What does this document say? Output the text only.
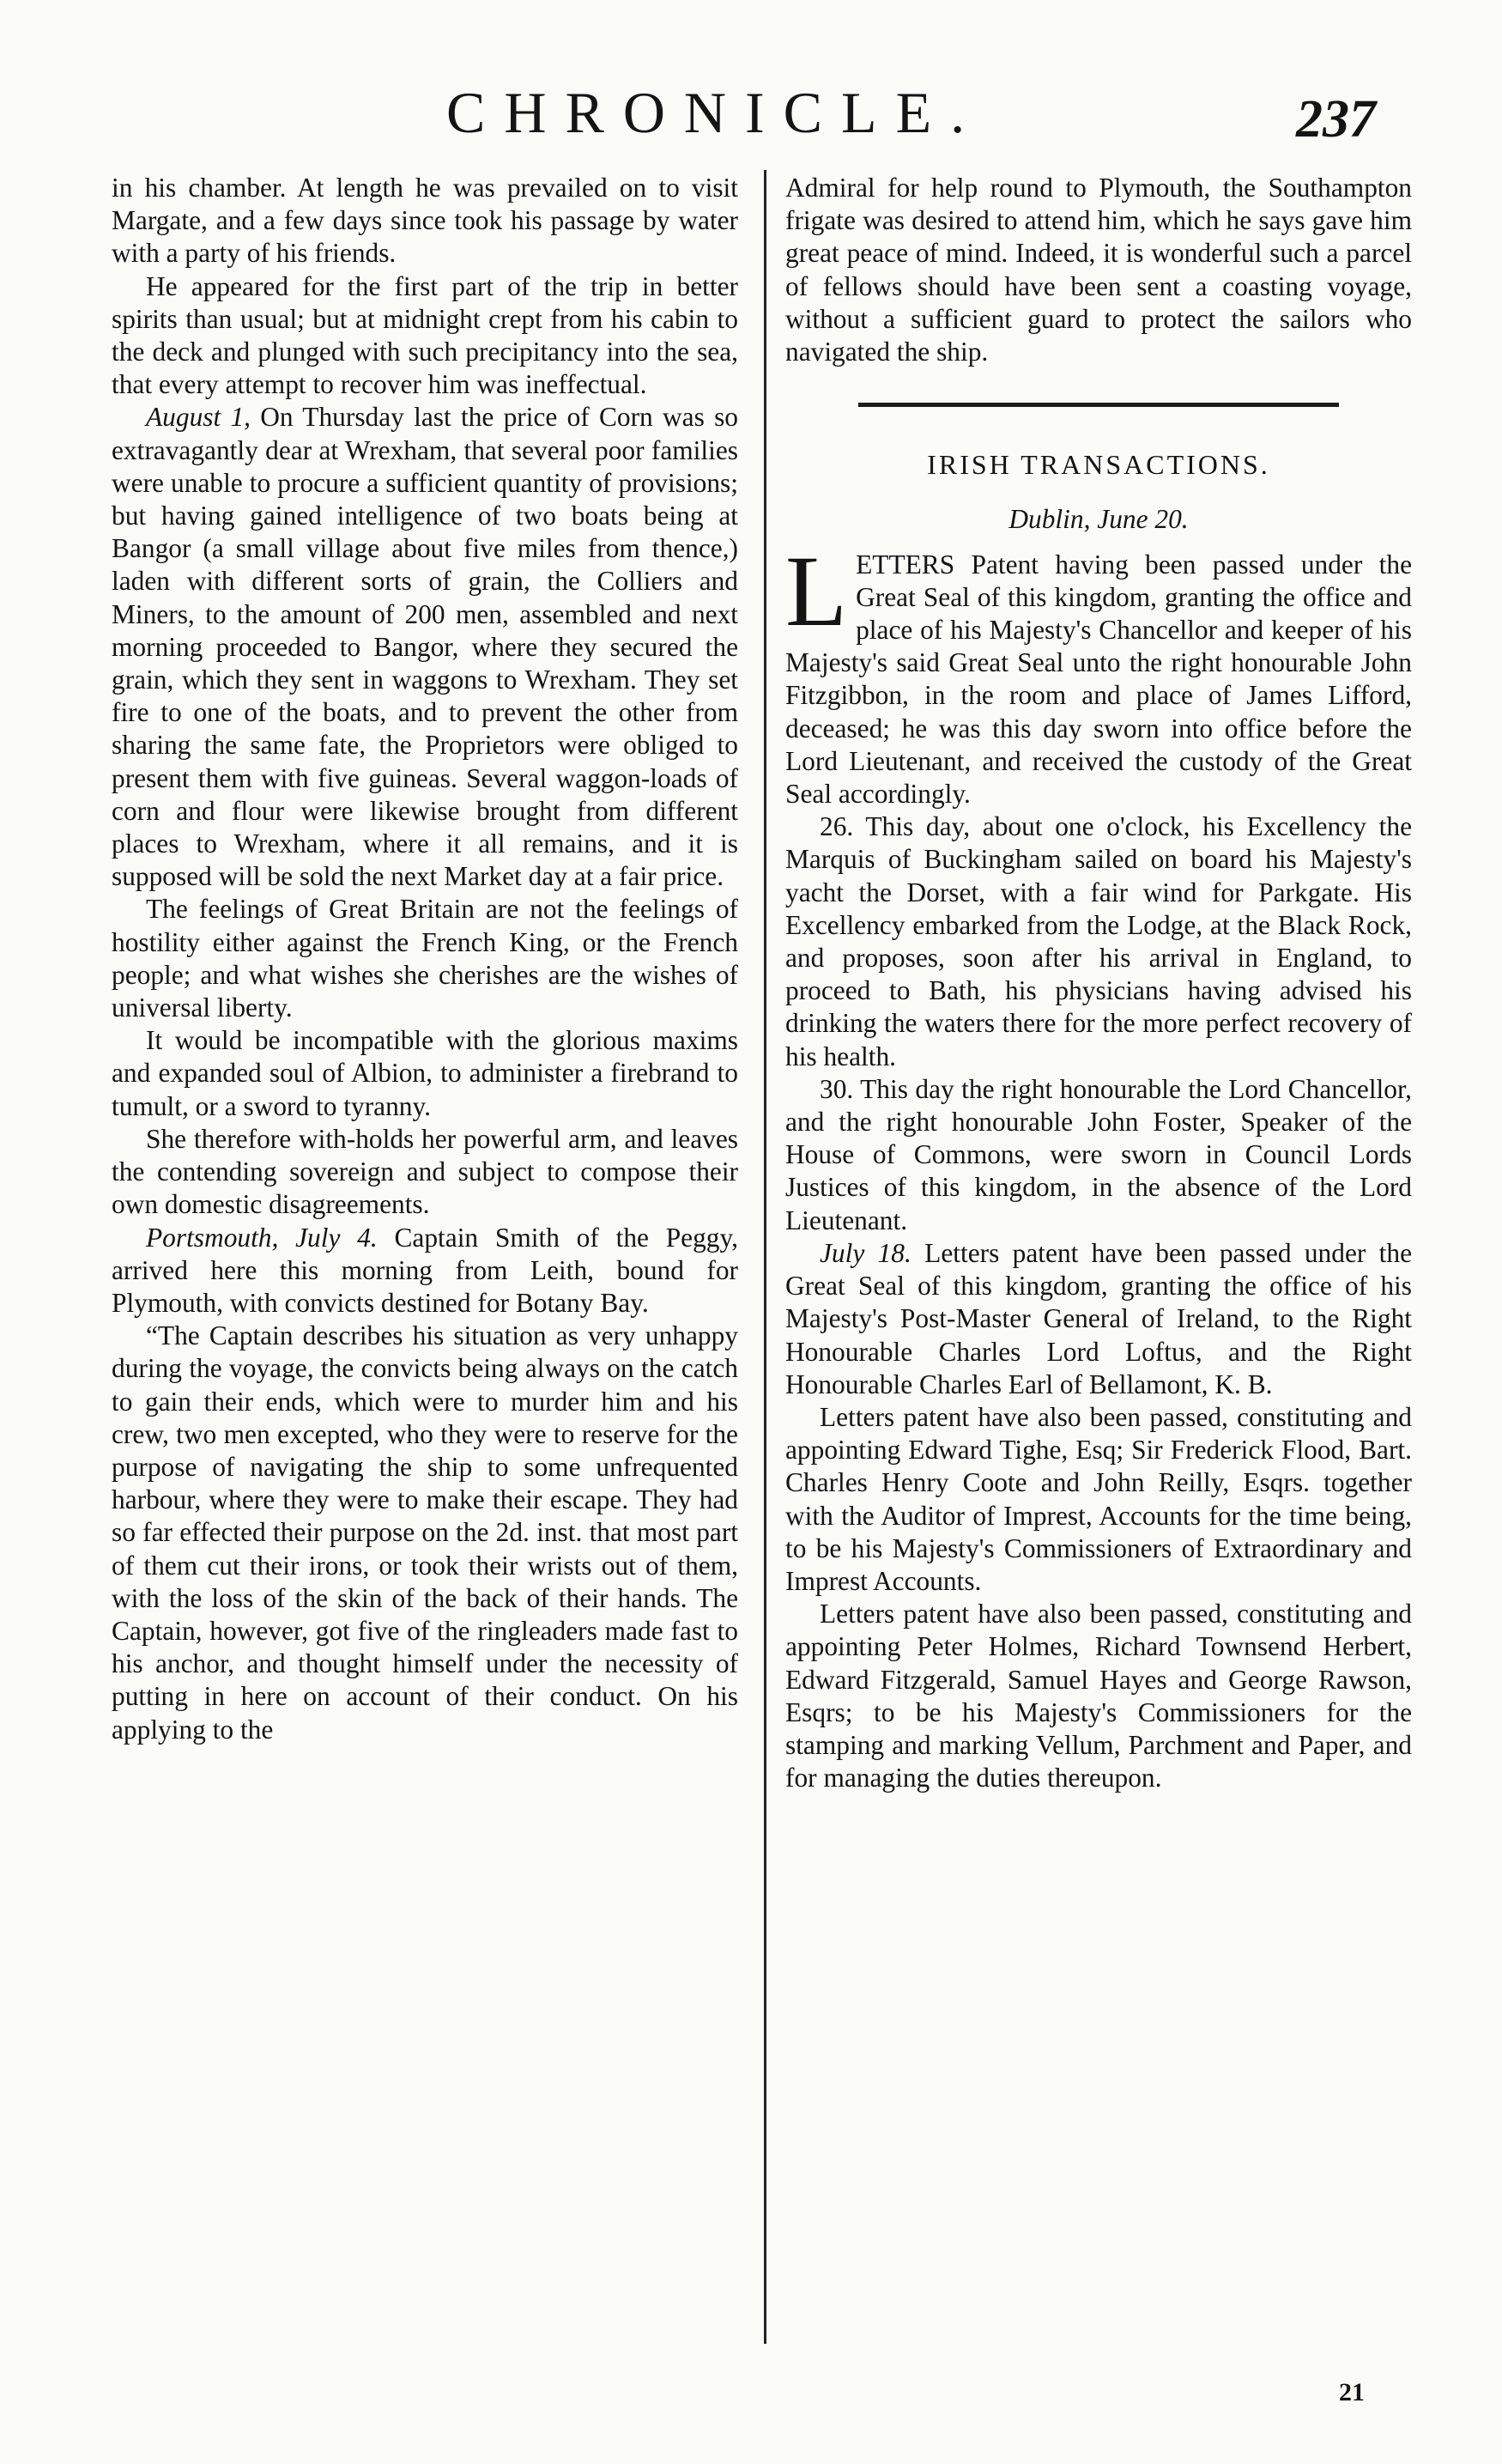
CHRONICLE.	237

in his chamber. At length he was prevailed on to visit Margate, and a few days since took his passage by water with a party of his friends.

He appeared for the first part of the trip in better spirits than usual; but at midnight crept from his cabin to the deck and plunged with such precipitancy into the sea, that every attempt to recover him was ineffectual.

August 1, On Thursday last the price of Corn was so extravagantly dear at Wrexham, that several poor families were unable to procure a sufficient quantity of provisions; but having gained intelligence of two boats being at Bangor (a small village about five miles from thence,) laden with different sorts of grain, the Colliers and Miners, to the amount of 200 men, assembled and next morning proceeded to Bangor, where they secured the grain, which they sent in waggons to Wrexham. They set fire to one of the boats, and to prevent the other from sharing the same fate, the Proprietors were obliged to present them with five guineas. Several waggon-loads of corn and flour were likewise brought from different places to Wrexham, where it all remains, and it is supposed will be sold the next Market day at a fair price.

The feelings of Great Britain are not the feelings of hostility either against the French King, or the French people; and what wishes she cherishes are the wishes of universal liberty.

It would be incompatible with the glorious maxims and expanded soul of Albion, to administer a firebrand to tumult, or a sword to tyranny.

She therefore with-holds her powerful arm, and leaves the contending sovereign and subject to compose their own domestic disagreements.

Portsmouth, July 4. Captain Smith of the Peggy, arrived here this morning from Leith, bound for Plymouth, with convicts destined for Botany Bay.

“The Captain describes his situation as very unhappy during the voyage, the convicts being always on the catch to gain their ends, which were to murder him and his crew, two men excepted, who they were to reserve for the purpose of navigating the ship to some unfrequented harbour, where they were to make their escape. They had so far effected their purpose on the 2d. inst. that most part of them cut their irons, or took their wrists out of them, with the loss of the skin of the back of their hands. The Captain, however, got five of the ringleaders made fast to his anchor, and thought himself under the necessity of putting in here on account of their conduct. On his applying to the

Admiral for help round to Plymouth, the Southampton frigate was desired to attend him, which he says gave him great peace of mind. Indeed, it is wonderful such a parcel of fellows should have been sent a coasting voyage, without a sufficient guard to protect the sailors who navigated the ship.

IRISH TRANSACTIONS.
Dublin, June 20.

LETTERS Patent having been passed under the Great Seal of this kingdom, granting the office and place of his Majesty's Chancellor and keeper of his Majesty's said Great Seal unto the right honourable John Fitzgibbon, in the room and place of James Lifford, deceased; he was this day sworn into office before the Lord Lieutenant, and received the custody of the Great Seal accordingly.

26. This day, about one o'clock, his Excellency the Marquis of Buckingham sailed on board his Majesty's yacht the Dorset, with a fair wind for Parkgate. His Excellency embarked from the Lodge, at the Black Rock, and proposes, soon after his arrival in England, to proceed to Bath, his physicians having advised his drinking the waters there for the more perfect recovery of his health.

30. This day the right honourable the Lord Chancellor, and the right honourable John Foster, Speaker of the House of Commons, were sworn in Council Lords Justices of this kingdom, in the absence of the Lord Lieutenant.

July 18. Letters patent have been passed under the Great Seal of this kingdom, granting the office of his Majesty's Post-Master General of Ireland, to the Right Honourable Charles Lord Loftus, and the Right Honourable Charles Earl of Bellamont, K. B.

Letters patent have also been passed, constituting and appointing Edward Tighe, Esq; Sir Frederick Flood, Bart. Charles Henry Coote and John Reilly, Esqrs. together with the Auditor of Imprest, Accounts for the time being, to be his Majesty's Commissioners of Extraordinary and Imprest Accounts.

Letters patent have also been passed, constituting and appointing Peter Holmes, Richard Townsend Herbert, Edward Fitzgerald, Samuel Hayes and George Rawson, Esqrs; to be his Majesty's Commissioners for the stamping and marking Vellum, Parchment and Paper, and for managing the duties thereupon.

21
